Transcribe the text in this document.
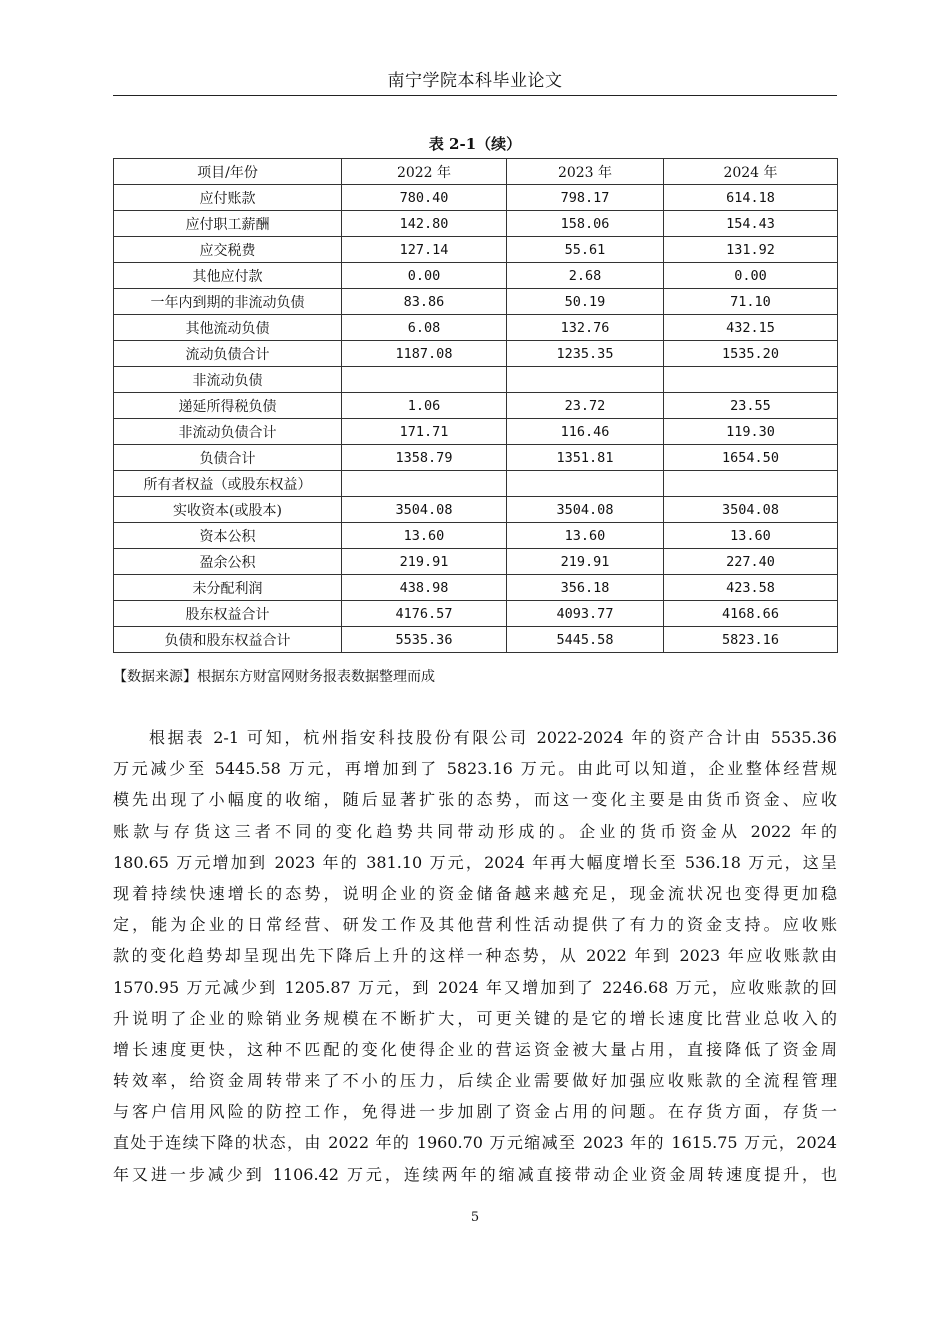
南宁学院本科毕业论文
表 2-1（续）
项目/年份	2022 年	2023 年	2024 年
应付账款	780.40	798.17	614.18
应付职工薪酬	142.80	158.06	154.43
应交税费	127.14	55.61	131.92
其他应付款	0.00	2.68	0.00
一年内到期的非流动负债	83.86	50.19	71.10
其他流动负债	6.08	132.76	432.15
流动负债合计	1187.08	1235.35	1535.20
非流动负债			
递延所得税负债	1.06	23.72	23.55
非流动负债合计	171.71	116.46	119.30
负债合计	1358.79	1351.81	1654.50
所有者权益（或股东权益）			
实收资本(或股本)	3504.08	3504.08	3504.08
资本公积	13.60	13.60	13.60
盈余公积	219.91	219.91	227.40
未分配利润	438.98	356.18	423.58
股东权益合计	4176.57	4093.77	4168.66
负债和股东权益合计	5535.36	5445.58	5823.16
【数据来源】根据东方财富网财务报表数据整理而成
根据表 2-1 可知，杭州指安科技股份有限公司 2022-2024 年的资产合计由 5535.36
万元减少至 5445.58 万元，再增加到了 5823.16 万元。由此可以知道，企业整体经营规
模先出现了小幅度的收缩，随后显著扩张的态势，而这一变化主要是由货币资金、应收
账款与存货这三者不同的变化趋势共同带动形成的。企业的货币资金从 2022 年的
180.65 万元增加到 2023 年的 381.10 万元，2024 年再大幅度增长至 536.18 万元，这呈
现着持续快速增长的态势，说明企业的资金储备越来越充足，现金流状况也变得更加稳
定，能为企业的日常经营、研发工作及其他营利性活动提供了有力的资金支持。应收账
款的变化趋势却呈现出先下降后上升的这样一种态势，从 2022 年到 2023 年应收账款由
1570.95 万元减少到 1205.87 万元，到 2024 年又增加到了 2246.68 万元，应收账款的回
升说明了企业的赊销业务规模在不断扩大，可更关键的是它的增长速度比营业总收入的
增长速度更快，这种不匹配的变化使得企业的营运资金被大量占用，直接降低了资金周
转效率，给资金周转带来了不小的压力，后续企业需要做好加强应收账款的全流程管理
与客户信用风险的防控工作，免得进一步加剧了资金占用的问题。在存货方面，存货一
直处于连续下降的状态，由 2022 年的 1960.70 万元缩减至 2023 年的 1615.75 万元，2024
年又进一步减少到 1106.42 万元，连续两年的缩减直接带动企业资金周转速度提升，也
5
